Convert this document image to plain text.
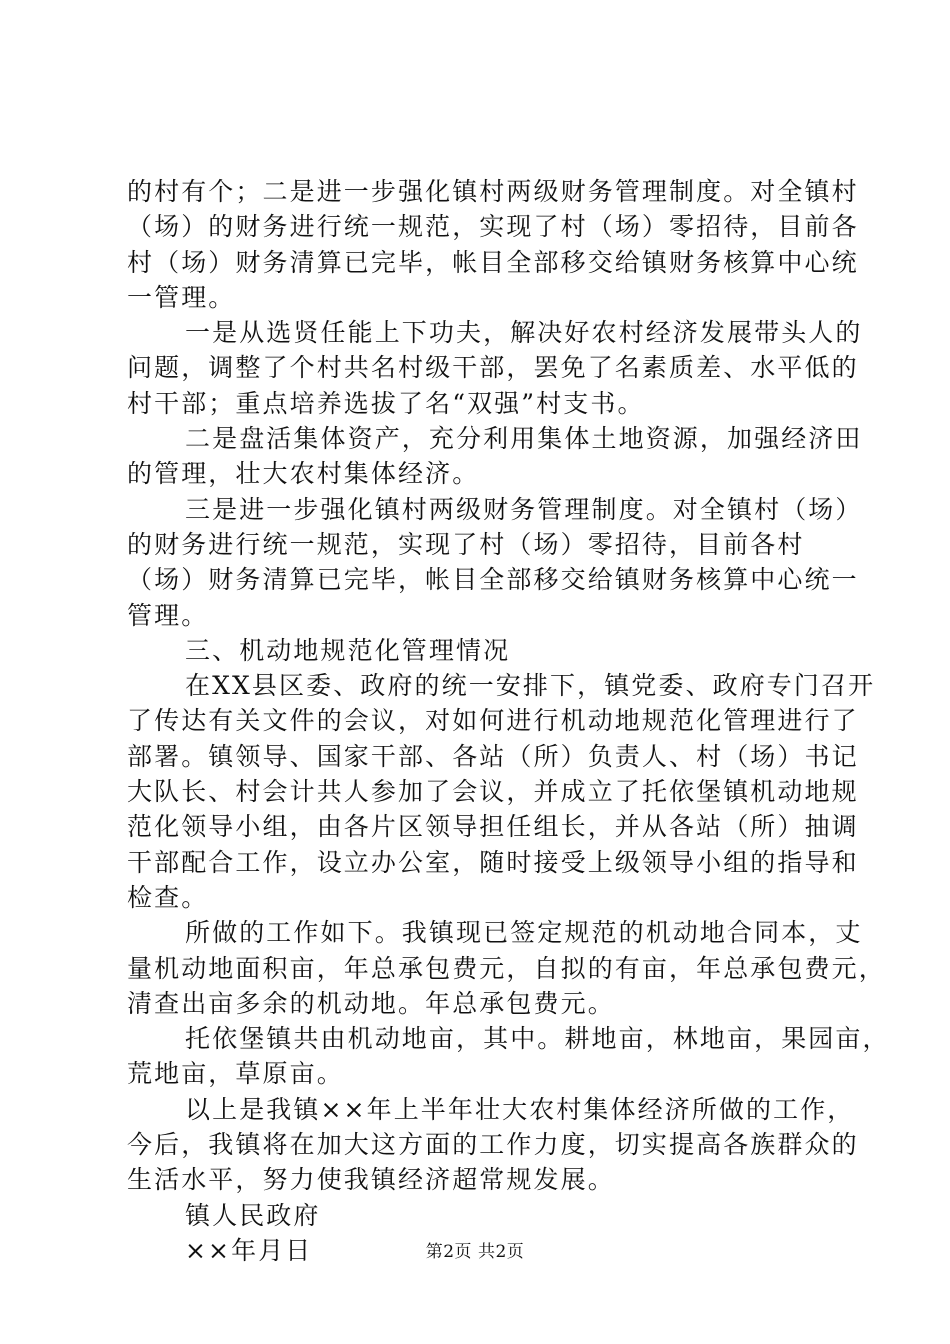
的村有个；二是进一步强化镇村两级财务管理制度。对全镇村
（场）的财务进行统一规范，实现了村（场）零招待，目前各
村（场）财务清算已完毕，帐目全部移交给镇财务核算中心统
一管理。
一是从选贤任能上下功夫，解决好农村经济发展带头人的
问题，调整了个村共名村级干部，罢免了名素质差、水平低的
村干部；重点培养选拔了名“双强”村支书。
二是盘活集体资产，充分利用集体土地资源，加强经济田
的管理，壮大农村集体经济。
三是进一步强化镇村两级财务管理制度。对全镇村（场）
的财务进行统一规范，实现了村（场）零招待，目前各村
（场）财务清算已完毕，帐目全部移交给镇财务核算中心统一
管理。
三、机动地规范化管理情况
在XX县区委、政府的统一安排下，镇党委、政府专门召开
了传达有关文件的会议，对如何进行机动地规范化管理进行了
部署。镇领导、国家干部、各站（所）负责人、村（场）书记
大队长、村会计共人参加了会议，并成立了托依堡镇机动地规
范化领导小组，由各片区领导担任组长，并从各站（所）抽调
干部配合工作，设立办公室，随时接受上级领导小组的指导和
检查。
所做的工作如下。我镇现已签定规范的机动地合同本，丈
量机动地面积亩，年总承包费元，自拟的有亩，年总承包费元，
清查出亩多余的机动地。年总承包费元。
托依堡镇共由机动地亩，其中。耕地亩，林地亩，果园亩，
荒地亩，草原亩。
以上是我镇××年上半年壮大农村集体经济所做的工作，
今后，我镇将在加大这方面的工作力度，切实提高各族群众的
生活水平，努力使我镇经济超常规发展。
镇人民政府
××年月日	第2页 共2页
